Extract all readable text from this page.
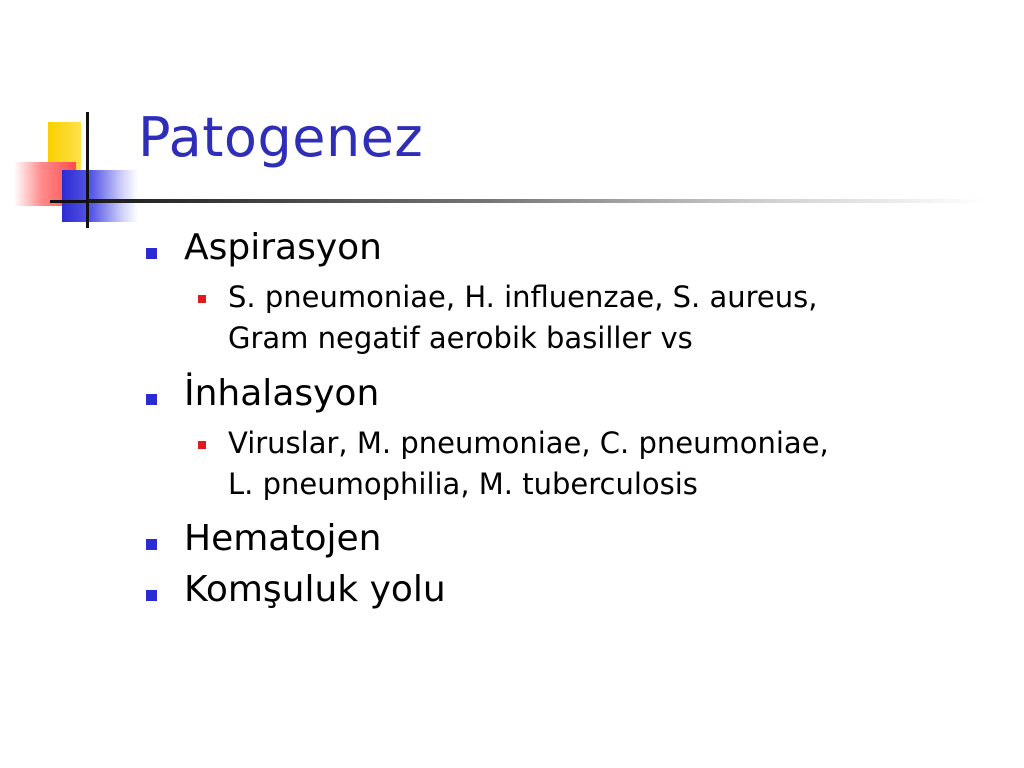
Patogenez
Aspirasyon
S. pneumoniae, H. influenzae, S. aureus,
Gram negatif aerobik basiller vs
İnhalasyon
Viruslar, M. pneumoniae, C. pneumoniae,
L. pneumophilia, M. tuberculosis
Hematojen
Komşuluk yolu
